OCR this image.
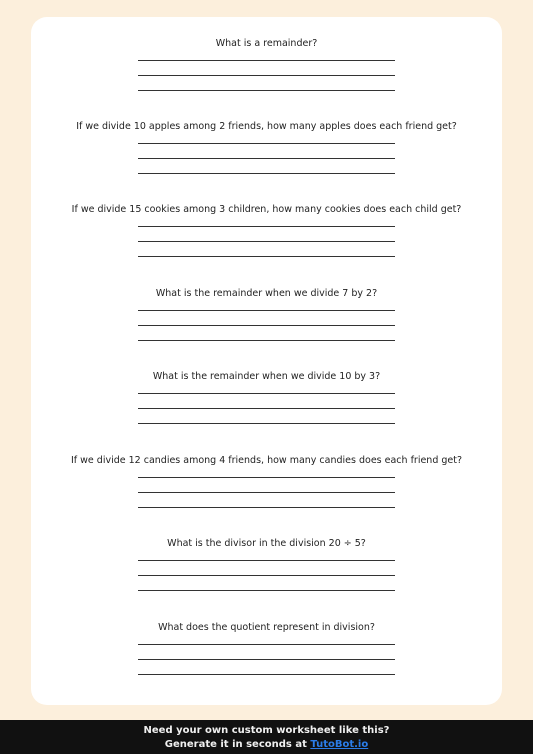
What is a remainder?
If we divide 10 apples among 2 friends, how many apples does each friend get?
If we divide 15 cookies among 3 children, how many cookies does each child get?
What is the remainder when we divide 7 by 2?
What is the remainder when we divide 10 by 3?
If we divide 12 candies among 4 friends, how many candies does each friend get?
What is the divisor in the division 20 ÷ 5?
What does the quotient represent in division?
Need your own custom worksheet like this?
Generate it in seconds at TutoBot.io
